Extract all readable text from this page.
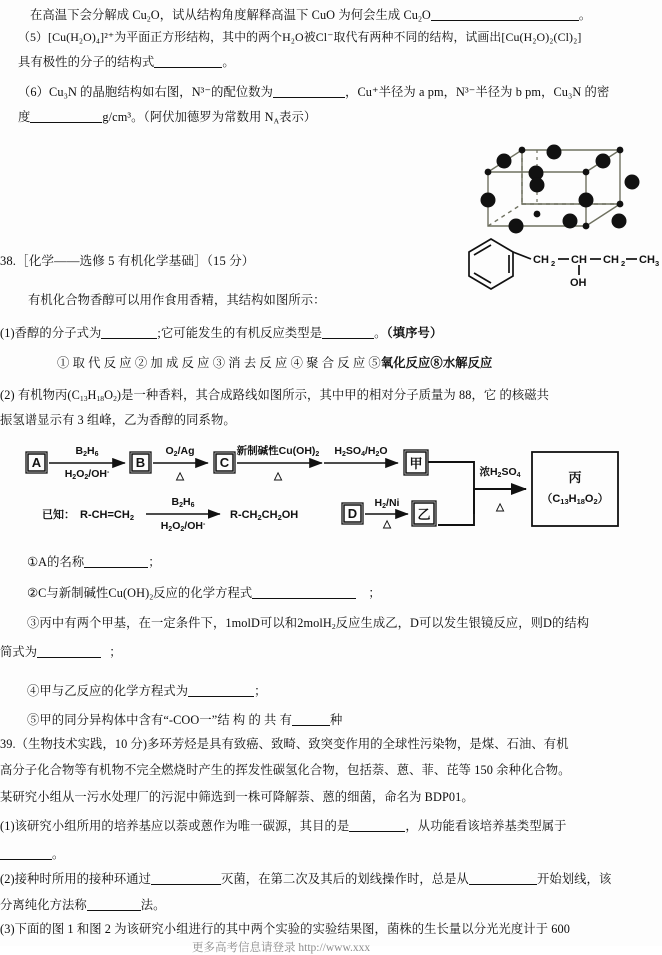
在高温下会分解成 $Cu_2O$，试从结构角度解释高温下 CuO 为何会生成 $Cu_2O$	。
（5）[Cu(H₂O)₄]²⁺为平面正方形结构，其中的两个H₂O被Cl⁻取代有两种不同的结构，试画出[Cu(H₂O)₂(Cl)₂]
具有极性的分子的结构式	。
（6）Cu₃N 的晶胞结构如右图，N³⁻的配位数为	，Cu⁺半径为 a pm，N³⁻半径为 b pm，Cu₃N 的密
度	g/cm³。（阿伏加德罗为常数用 $N_A$表示）
CH 2 CH CH 2 CH 3
OH
38.［化学——选修 5 有机化学基础］（15 分）
有机化合物香醇可以用作食用香精，其结构如图所示：
(1)香醇的分子式为	;它可能发生的有机反应类型是	。（填序号）
① 取 代 反 应 ② 加 成 反 应 ③ 消 去 反 应 ④ 聚 合 反 应 ⑤氧化反应⑧水解反应
(2) 有机物丙$(C_{13}H_{18}O_2)$是一种香料，其合成路线如图所示，其中甲的相对分子质量为 88，它 的核磁共
振氢谱显示有 3 组峰，乙为香醇的同系物。
A	B	C	甲
D	乙
B2H6
H2O2/OH-
O2/Ag
△
新制碱性Cu(OH)2
△
H2SO4/H2O
H2/Ni
△
浓H2SO4
△
丙
（C13H18O2）
已知： R-CH=CH2
B2H6
H2O2/OH-
R-CH2CH2OH
①A的名称	；
②C与新制碱性$Cu(OH)_2$反应的化学方程式	；
③丙中有两个甲基，在一定条件下，1molD可以和2molH$_2$反应生成乙，D可以发生银镜反应，则D的结构
简式为	；
④甲与乙反应的化学方程式为	；
⑤甲的同分异构体中含有“-COO一”结 构 的 共 有	种
39.（生物技术实践，10 分)多环芳烃是具有致癌、致畸、致突变作用的全球性污染物，是煤、石油、有机
高分子化合物等有机物不完全燃烧时产生的挥发性碳氢化合物，包括萘、蒽、菲、芘等 150 余种化合物。
某研究小组从一污水处理厂的污泥中筛选到一株可降解萘、蒽的细菌，命名为 BDP01。
(1)该研究小组所用的培养基应以萘或蒽作为唯一碳源，其目的是	，从功能看该培养基类型属于
。
(2)接种时所用的接种环通过	灭菌，在第二次及其后的划线操作时，总是从	开始划线，该
分离纯化方法称	法。
(3)下面的图 1 和图 2 为该研究小组进行的其中两个实验的实验结果图，菌株的生长量以分光光度计于 600
更多高考信息请登录 http://www.xxx
